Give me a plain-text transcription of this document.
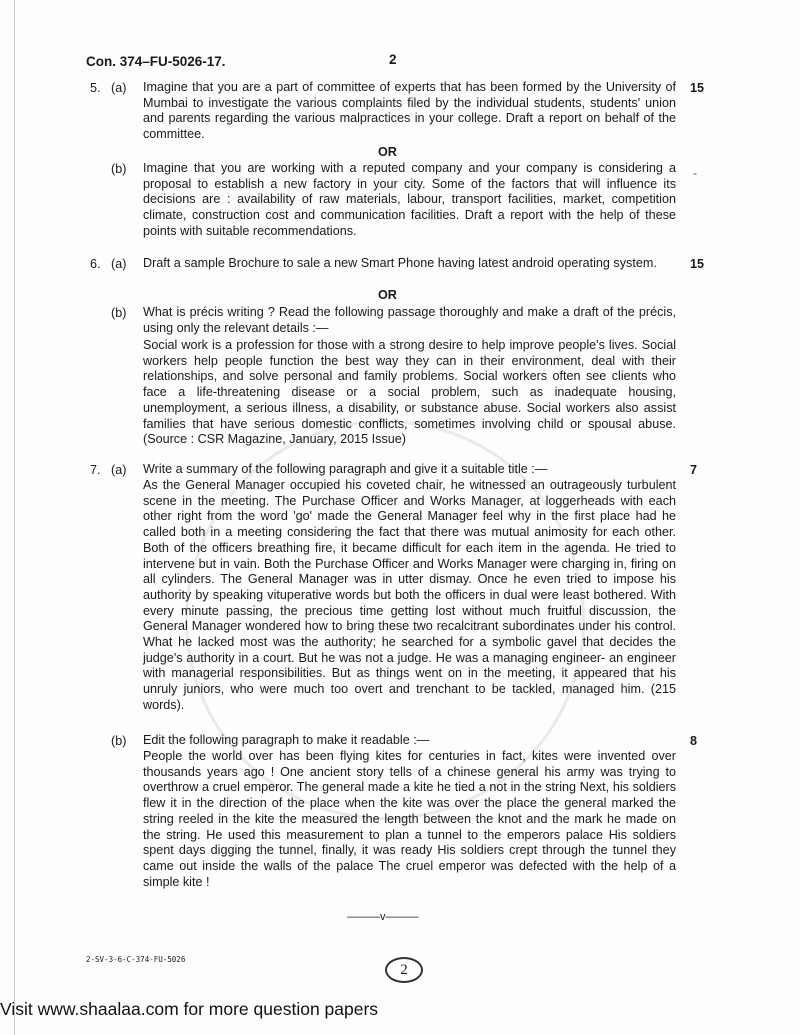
Con. 374–FU-5026-17.	2
5. (a)	15
Imagine that you are a part of committee of experts that has been formed by the University of Mumbai to investigate the various complaints filed by the individual students, students' union and parents regarding the various malpractices in your college. Draft a report on behalf of the committee.
OR
(b)	-
Imagine that you are working with a reputed company and your company is considering a proposal to establish a new factory in your city. Some of the factors that will influence its decisions are : availability of raw materials, labour, transport facilities, market, competition climate, construction cost and communication facilities. Draft a report with the help of these points with suitable recommendations.
6. (a)	15
Draft a sample Brochure to sale a new Smart Phone having latest android operating system.
OR
(b) What is précis writing ? Read the following passage thoroughly and make a draft of the précis, using only the relevant details :—
Social work is a profession for those with a strong desire to help improve people's lives. Social workers help people function the best way they can in their environment, deal with their relationships, and solve personal and family problems. Social workers often see clients who face a life-threatening disease or a social problem, such as inadequate housing, unemployment, a serious illness, a disability, or substance abuse. Social workers also assist families that have serious domestic conflicts, sometimes involving child or spousal abuse. (Source : CSR Magazine, January, 2015 Issue)
7. (a)	7
Write a summary of the following paragraph and give it a suitable title :—
As the General Manager occupied his coveted chair, he witnessed an outrageously turbulent scene in the meeting. The Purchase Officer and Works Manager, at loggerheads with each other right from the word 'go' made the General Manager feel why in the first place had he called both in a meeting considering the fact that there was mutual animosity for each other. Both of the officers breathing fire, it became difficult for each item in the agenda. He tried to intervene but in vain. Both the Purchase Officer and Works Manager were charging in, firing on all cylinders. The General Manager was in utter dismay. Once he even tried to impose his authority by speaking vituperative words but both the officers in dual were least bothered. With every minute passing, the precious time getting lost without much fruitful discussion, the General Manager wondered how to bring these two recalcitrant subordinates under his control. What he lacked most was the authority; he searched for a symbolic gavel that decides the judge's authority in a court. But he was not a judge. He was a managing engineer- an engineer with managerial responsibilities. But as things went on in the meeting, it appeared that his unruly juniors, who were much too overt and trenchant to be tackled, managed him. (215 words).
(b)	8
Edit the following paragraph to make it readable :—
People the world over has been flying kites for centuries in fact, kites were invented over thousands years ago ! One ancient story tells of a chinese general his army was trying to overthrow a cruel emperor. The general made a kite he tied a not in the string Next, his soldiers flew it in the direction of the place when the kite was over the place the general marked the string reeled in the kite the measured the length between the knot and the mark he made on the string. He used this measurement to plan a tunnel to the emperors palace His soldiers spent days digging the tunnel, finally, it was ready His soldiers crept through the tunnel they came out inside the walls of the palace The cruel emperor was defected with the help of a simple kite !
———v———
2-SV-3-6-C-374-FU-5026
2
Visit www.shaalaa.com for more question papers
